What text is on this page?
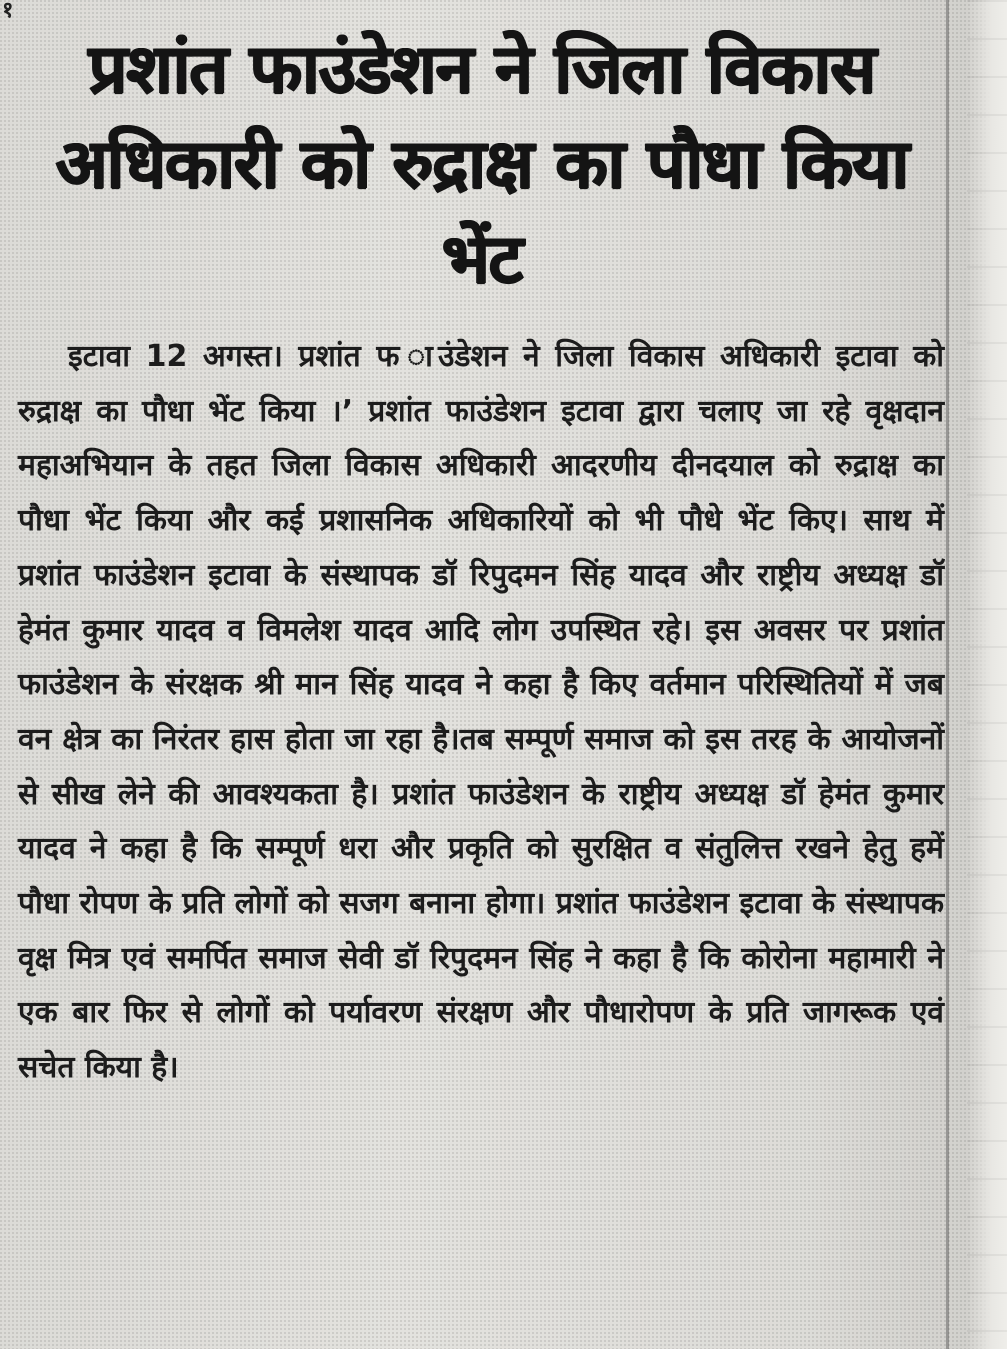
१
प्रशांत फाउंडेशन ने जिला विकास अधिकारी को रुद्राक्ष का पौधा किया भेंट

इटावा 12 अगस्त। प्रशांत फ ाउंडेशन ने जिला विकास अधिकारी इटावा को रुद्राक्ष का पौधा भेंट किया ।’ प्रशांत फाउंडेशन इटावा द्वारा चलाए जा रहे वृक्षदान महाअभियान के तहत जिला विकास अधिकारी आदरणीय दीनदयाल को रुद्राक्ष का पौधा भेंट किया और कई प्रशासनिक अधिकारियों को भी पौधे भेंट किए। साथ में प्रशांत फाउंडेशन इटावा के संस्थापक डॉ रिपुदमन सिंह यादव और राष्ट्रीय अध्यक्ष डॉ हेमंत कुमार यादव व विमलेश यादव आदि लोग उपस्थित रहे। इस अवसर पर प्रशांत फाउंडेशन के संरक्षक श्री मान सिंह यादव ने कहा है किए वर्तमान परिस्थितियों में जब वन क्षेत्र का निरंतर हास होता जा रहा है।तब सम्पूर्ण समाज को इस तरह के आयोजनों से सीख लेने की आवश्यकता है। प्रशांत फाउंडेशन के राष्ट्रीय अध्यक्ष डॉ हेमंत कुमार यादव ने कहा है कि सम्पूर्ण धरा और प्रकृति को सुरक्षित व संतुलित्त रखने हेतु हमें पौधा रोपण के प्रति लोगों को सजग बनाना होगा। प्रशांत फाउंडेशन इटावा के संस्थापक वृक्ष मित्र एवं समर्पित समाज सेवी डॉ रिपुदमन सिंह ने कहा है कि कोरोना महामारी ने एक बार फिर से लोगों को पर्यावरण संरक्षण और पौधारोपण के प्रति जागरूक एवं सचेत किया है।
